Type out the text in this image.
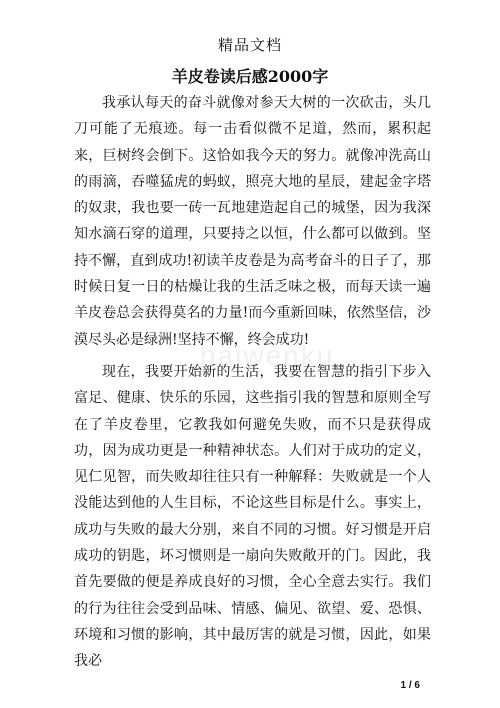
精品文档
羊皮卷读后感2000字

我承认每天的奋斗就像对参天大树的一次砍击，头几刀可能了无痕迹。每一击看似微不足道，然而，累积起来，巨树终会倒下。这恰如我今天的努力。就像冲洗高山的雨滴，吞噬猛虎的蚂蚁，照亮大地的星辰，建起金字塔的奴隶，我也要一砖一瓦地建造起自己的城堡，因为我深知水滴石穿的道理，只要持之以恒，什么都可以做到。坚持不懈，直到成功!初读羊皮卷是为高考奋斗的日子了，那时候日复一日的枯燥让我的生活乏味之极，而每天读一遍羊皮卷总会获得莫名的力量!而今重新回味，依然坚信，沙漠尽头必是绿洲!坚持不懈，终会成功!

现在，我要开始新的生活，我要在智慧的指引下步入富足、健康、快乐的乐园，这些指引我的智慧和原则全写在了羊皮卷里，它教我如何避免失败，而不只是获得成功，因为成功更是一种精神状态。人们对于成功的定义，见仁见智，而失败却往往只有一种解释：失败就是一个人没能达到他的人生目标，不论这些目标是什么。事实上，成功与失败的最大分别，来自不同的习惯。好习惯是开启成功的钥匙，坏习惯则是一扇向失败敞开的门。因此，我首先要做的便是养成良好的习惯，全心全意去实行。我们的行为往往会受到品味、情感、偏见、欲望、爱、恐惧、环境和习惯的影响，其中最厉害的就是习惯，因此，如果我必

haiwenku
1 / 6
